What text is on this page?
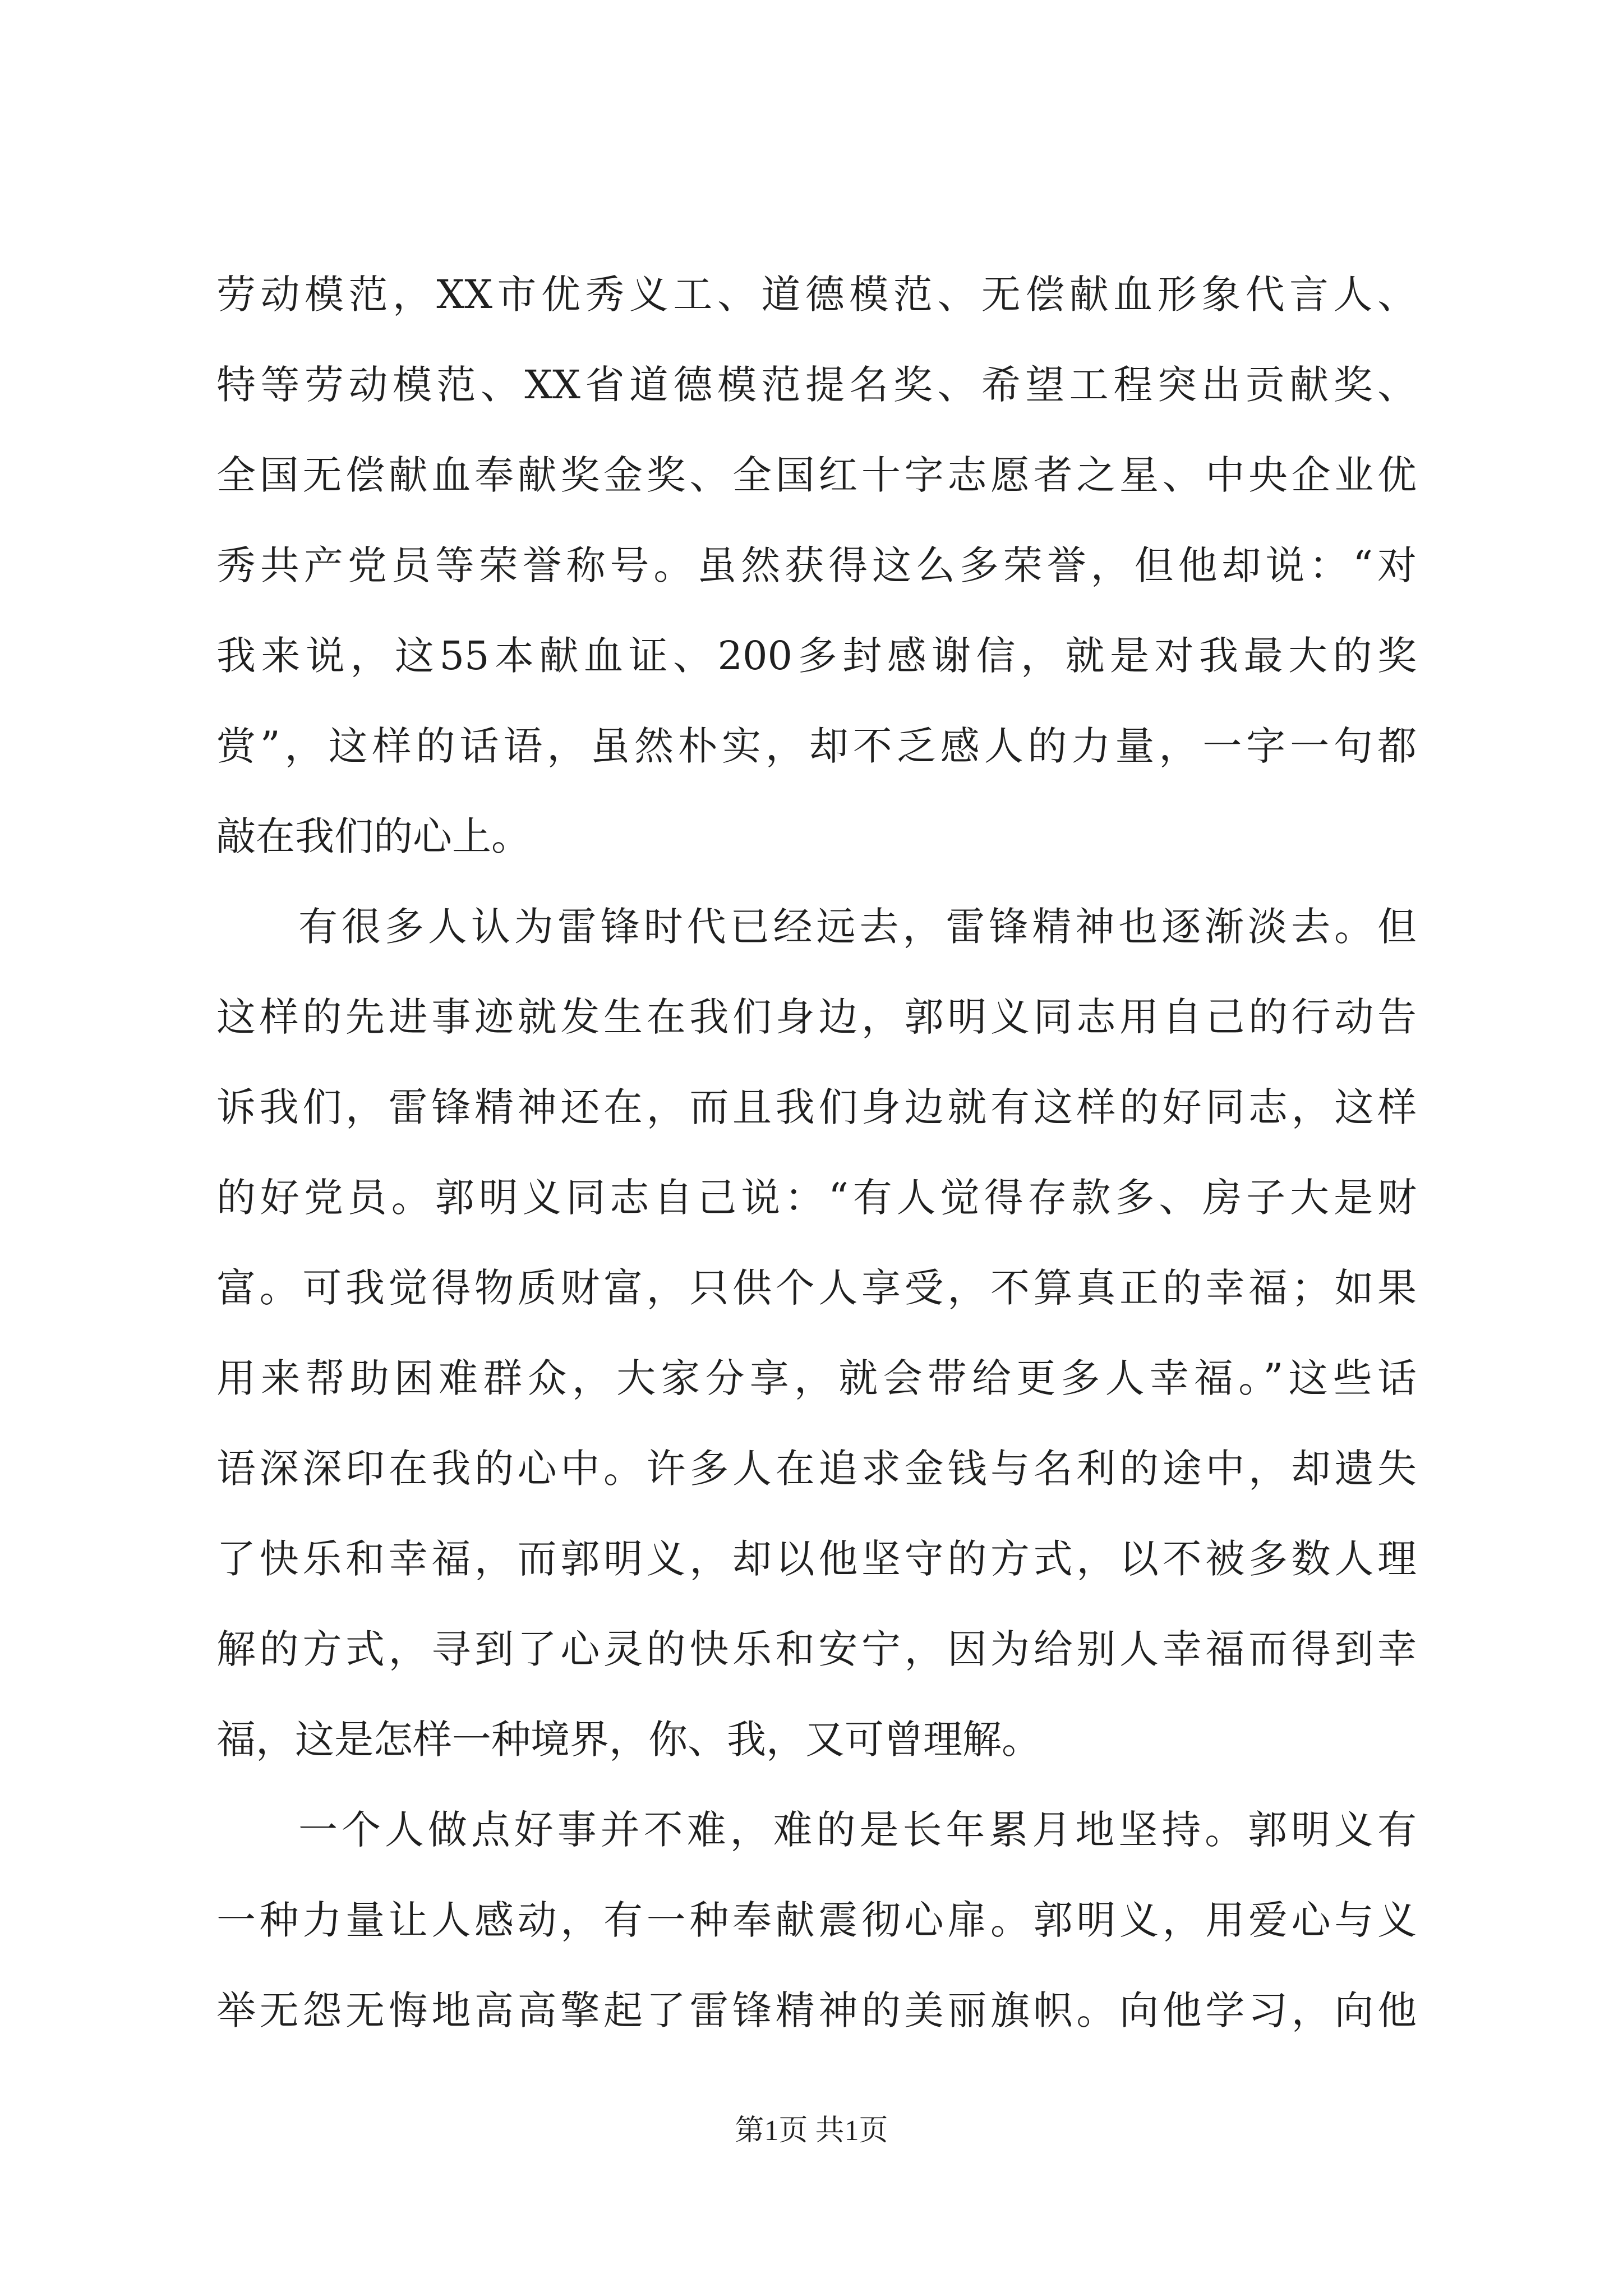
劳动模范，XX市优秀义工、道德模范、无偿献血形象代言人、
特等劳动模范、XX省道德模范提名奖、希望工程突出贡献奖、
全国无偿献血奉献奖金奖、全国红十字志愿者之星、中央企业优
秀共产党员等荣誉称号。虽然获得这么多荣誉，但他却说：“对
我来说，这55本献血证、200多封感谢信，就是对我最大的奖
赏”，这样的话语，虽然朴实，却不乏感人的力量，一字一句都
敲在我们的心上。
有很多人认为雷锋时代已经远去，雷锋精神也逐渐淡去。但
这样的先进事迹就发生在我们身边，郭明义同志用自己的行动告
诉我们，雷锋精神还在，而且我们身边就有这样的好同志，这样
的好党员。郭明义同志自己说：“有人觉得存款多、房子大是财
富。可我觉得物质财富，只供个人享受，不算真正的幸福；如果
用来帮助困难群众，大家分享，就会带给更多人幸福。”这些话
语深深印在我的心中。许多人在追求金钱与名利的途中，却遗失
了快乐和幸福，而郭明义，却以他坚守的方式，以不被多数人理
解的方式，寻到了心灵的快乐和安宁，因为给别人幸福而得到幸
福，这是怎样一种境界，你、我，又可曾理解。
一个人做点好事并不难，难的是长年累月地坚持。郭明义有
一种力量让人感动，有一种奉献震彻心扉。郭明义，用爱心与义
举无怨无悔地高高擎起了雷锋精神的美丽旗帜。向他学习，向他
第1页 共1页
